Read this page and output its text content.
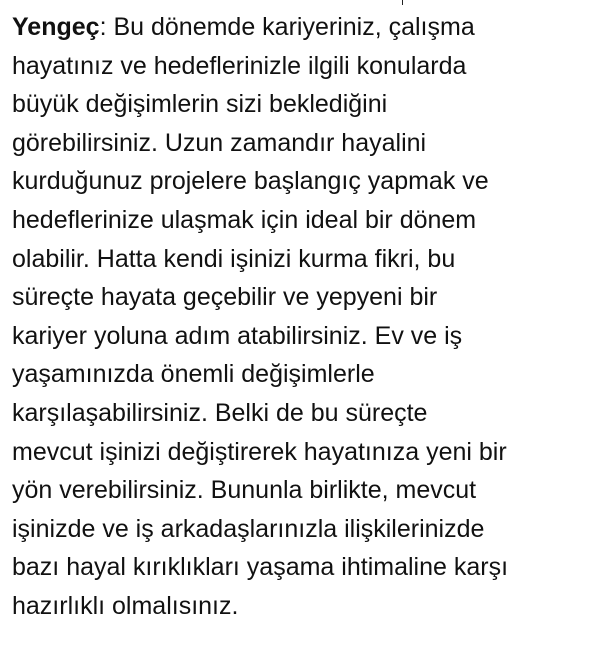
Yengeç: Bu dönemde kariyeriniz, çalışma
hayatınız ve hedeflerinizle ilgili konularda
büyük değişimlerin sizi beklediğini
görebilirsiniz. Uzun zamandır hayalini
kurduğunuz projelere başlangıç yapmak ve
hedeflerinize ulaşmak için ideal bir dönem
olabilir. Hatta kendi işinizi kurma fikri, bu
süreçte hayata geçebilir ve yepyeni bir
kariyer yoluna adım atabilirsiniz. Ev ve iş
yaşamınızda önemli değişimlerle
karşılaşabilirsiniz. Belki de bu süreçte
mevcut işinizi değiştirerek hayatınıza yeni bir
yön verebilirsiniz. Bununla birlikte, mevcut
işinizde ve iş arkadaşlarınızla ilişkilerinizde
bazı hayal kırıklıkları yaşama ihtimaline karşı
hazırlıklı olmalısınız.
